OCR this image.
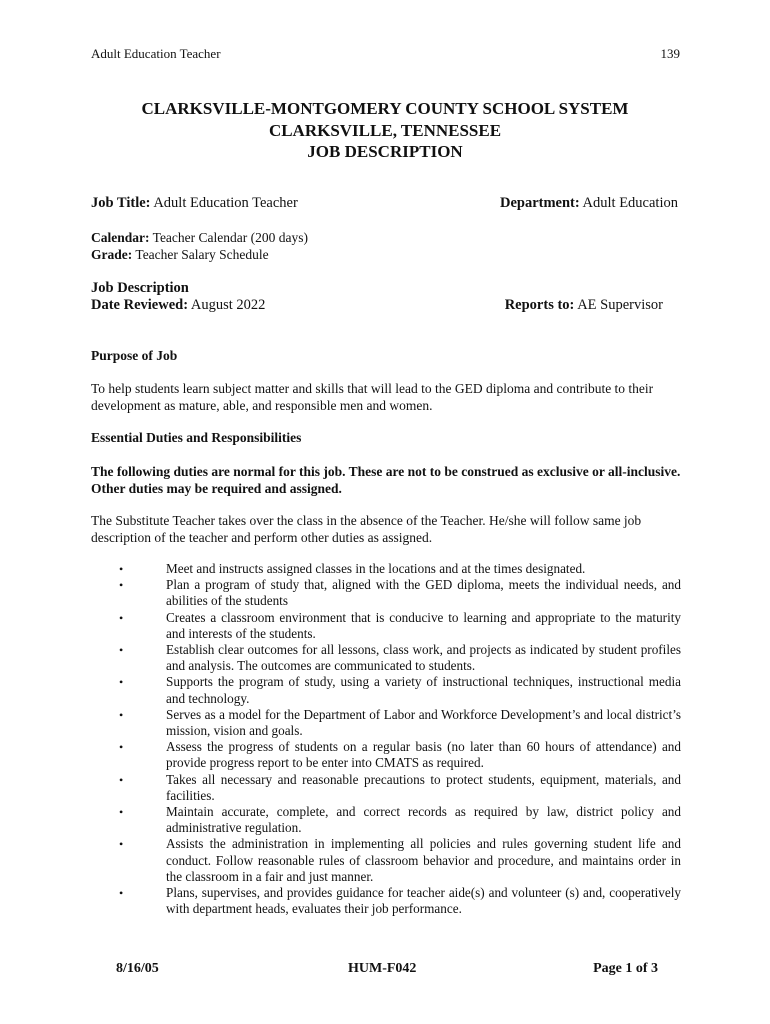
Adult Education Teacher	139
CLARKSVILLE-MONTGOMERY COUNTY SCHOOL SYSTEM
CLARKSVILLE, TENNESSEE
JOB DESCRIPTION
Job Title: Adult Education Teacher	Department: Adult Education
Calendar: Teacher Calendar (200 days)
Grade: Teacher Salary Schedule
Job Description
Date Reviewed: August 2022	Reports to: AE Supervisor
Purpose of Job
To help students learn subject matter and skills that will lead to the GED diploma and contribute to their development as mature, able, and responsible men and women.
Essential Duties and Responsibilities
The following duties are normal for this job. These are not to be construed as exclusive or all-inclusive. Other duties may be required and assigned.
The Substitute Teacher takes over the class in the absence of the Teacher. He/she will follow same job description of the teacher and perform other duties as assigned.
•	Meet and instructs assigned classes in the locations and at the times designated.
•	Plan a program of study that, aligned with the GED diploma, meets the individual needs, and abilities of the students
•	Creates a classroom environment that is conducive to learning and appropriate to the maturity and interests of the students.
•	Establish clear outcomes for all lessons, class work, and projects as indicated by student profiles and analysis. The outcomes are communicated to students.
•	Supports the program of study, using a variety of instructional techniques, instructional media and technology.
•	Serves as a model for the Department of Labor and Workforce Development’s and local district’s mission, vision and goals.
•	Assess the progress of students on a regular basis (no later than 60 hours of attendance) and provide progress report to be enter into CMATS as required.
•	Takes all necessary and reasonable precautions to protect students, equipment, materials, and facilities.
•	Maintain accurate, complete, and correct records as required by law, district policy and administrative regulation.
•	Assists the administration in implementing all policies and rules governing student life and conduct. Follow reasonable rules of classroom behavior and procedure, and maintains order in the classroom in a fair and just manner.
•	Plans, supervises, and provides guidance for teacher aide(s) and volunteer (s) and, cooperatively with department heads, evaluates their job performance.
8/16/05	HUM-F042	Page 1 of 3
